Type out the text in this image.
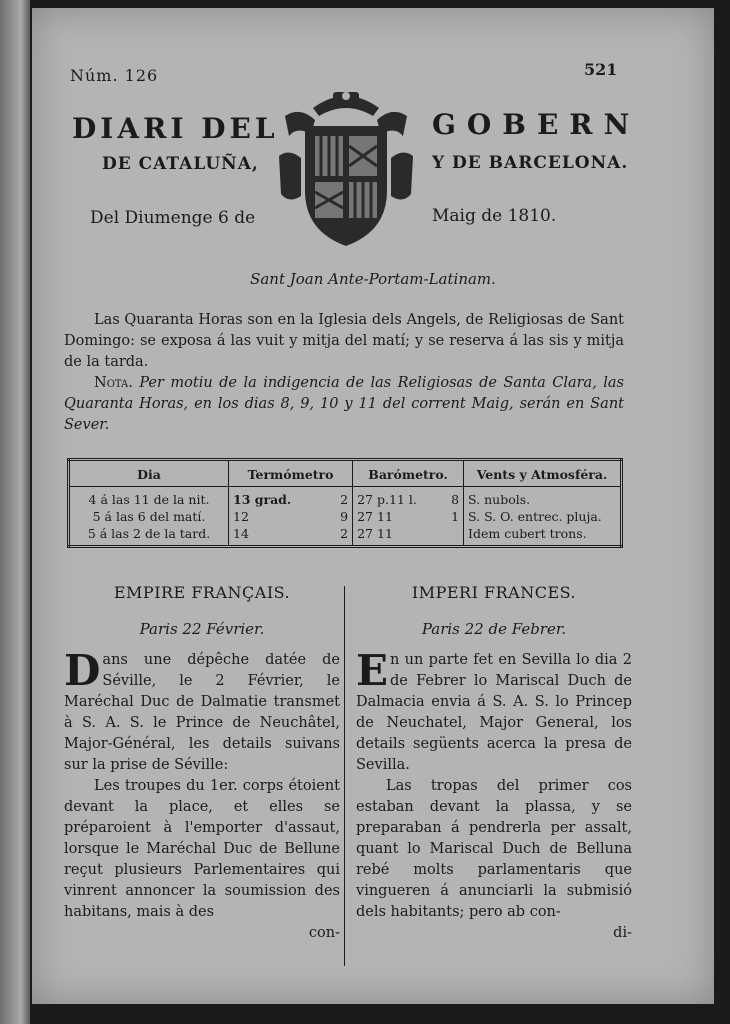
Núm. 126	521
DIARI DEL	GOBERN
DE CATALUÑA,	Y DE BARCELONA.
Del Diumenge 6 de	Maig de 1810.
Sant Joan Ante-Portam-Latinam.

Las Quaranta Horas son en la Iglesia dels Angels, de Religiosas de Sant Domingo: se exposa á las vuit y mitja del matí; y se reserva á las sis y mitja de la tarda.

Nota. Per motiu de la indigencia de las Religiosas de Santa Clara, las Quaranta Horas, en los dias 8, 9, 10 y 11 del corrent Maig, serán en Sant Sever.

Dia	Termómetro		Barómetro.		Vents y Atmosféra.
4 á las 11 de la nit.	13 grad.	2	27 p.11 l.	8	S. nubols.
5 á las 6 del matí.	12	9	27 11	1	S. S. O. entrec. pluja.
5 á las 2 de la tard.	14	2	27 11		Idem cubert trons.
EMPIRE FRANÇAIS.
Paris 22 Février.

Dans une dépêche datée de Séville, le 2 Février, le Maréchal Duc de Dalmatie transmet à S. A. S. le Prince de Neuchâtel, Major-Général, les details suivans sur la prise de Séville:

Les troupes du 1er. corps étoient devant la place, et elles se préparoient à l'emporter d'assaut, lorsque le Maréchal Duc de Bellune reçut plusieurs Parlementaires qui vinrent annoncer la soumission des habitans, mais à des

con-
IMPERI FRANCES.
Paris 22 de Febrer.

En un parte fet en Sevilla lo dia 2 de Febrer lo Mariscal Duch de Dalmacia envia á S. A. S. lo Princep de Neuchatel, Major General, los details següents acerca la presa de Sevilla.

Las tropas del primer cos estaban devant la plassa, y se preparaban á pendrerla per assalt, quant lo Mariscal Duch de Belluna rebé molts parlamentaris que vingueren á anunciarli la submisió dels habitants; pero ab con-

di-
